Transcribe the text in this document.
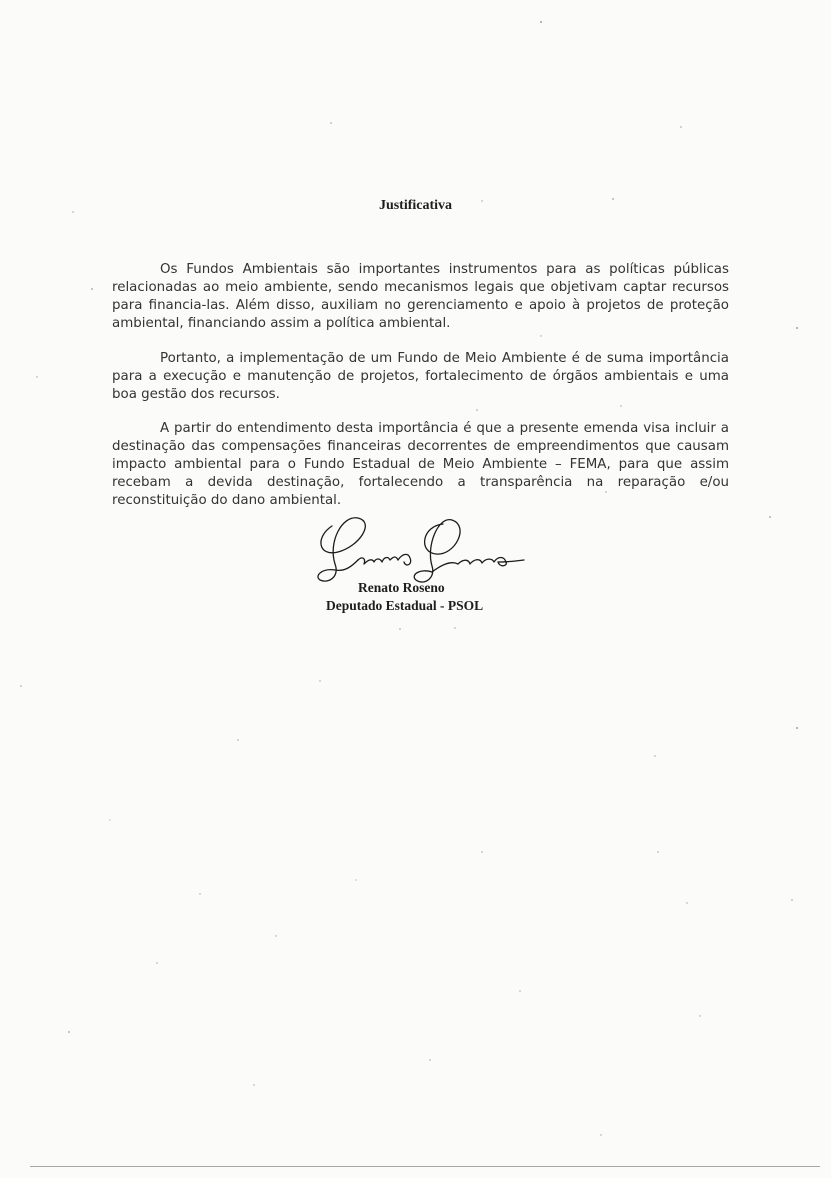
Justificativa
Os Fundos Ambientais são importantes instrumentos para as políticas públicas relacionadas ao meio ambiente, sendo mecanismos legais que objetivam captar recursos para financia-las. Além disso, auxiliam no gerenciamento e apoio à projetos de proteção ambiental, financiando assim a política ambiental.
Portanto, a implementação de um Fundo de Meio Ambiente é de suma importância para a execução e manutenção de projetos, fortalecimento de órgãos ambientais e uma boa gestão dos recursos.
A partir do entendimento desta importância é que a presente emenda visa incluir a destinação das compensações financeiras decorrentes de empreendimentos que causam impacto ambiental para o Fundo Estadual de Meio Ambiente – FEMA, para que assim recebam a devida destinação, fortalecendo a transparência na reparação e/ou reconstituição do dano ambiental.
Renato Roseno
Deputado Estadual - PSOL
